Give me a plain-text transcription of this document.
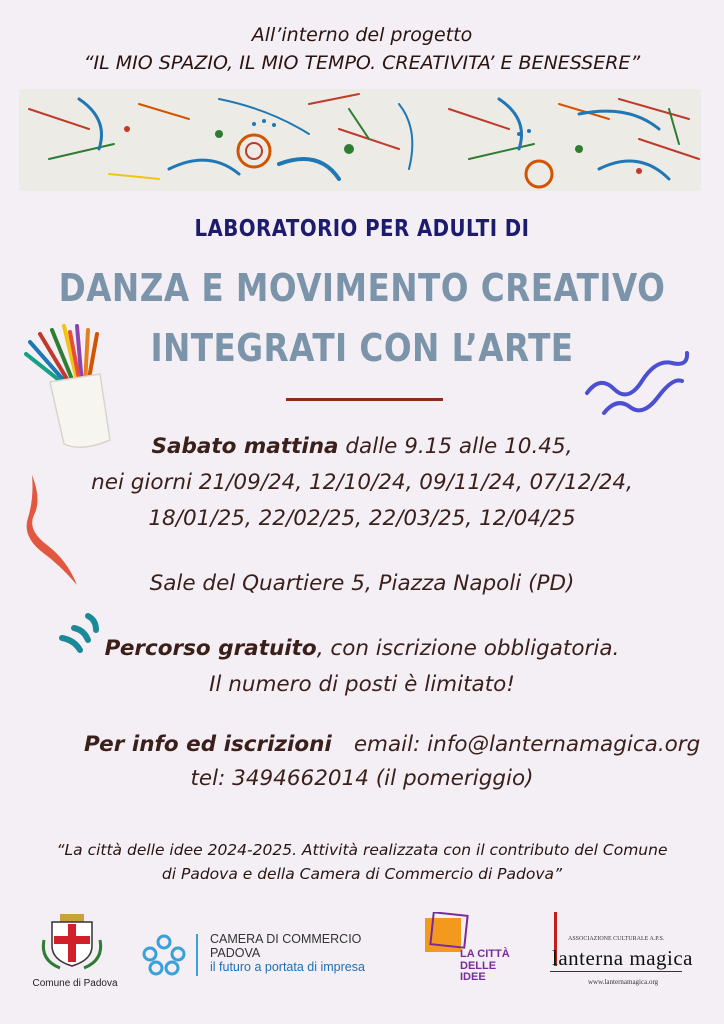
All’interno del progetto
“IL MIO SPAZIO, IL MIO TEMPO. CREATIVITA’ E BENESSERE”
LABORATORIO PER ADULTI DI
DANZA E MOVIMENTO CREATIVO
INTEGRATI CON L’ARTE
Sabato mattina dalle 9.15 alle 10.45,
nei giorni 21/09/24, 12/10/24, 09/11/24, 07/12/24,
18/01/25, 22/02/25, 22/03/25, 12/04/25
Sale del Quartiere 5, Piazza Napoli (PD)
Percorso gratuito, con iscrizione obbligatoria.
Il numero di posti è limitato!
Per info ed iscrizioni email: info@lanternamagica.org
tel: 3494662014 (il pomeriggio)
“La città delle idee 2024-2025. Attività realizzata con il contributo del Comune
di Padova e della Camera di Commercio di Padova”
Comune di Padova
CAMERA DI COMMERCIO
PADOVA
il futuro a portata di impresa
LA CITTÀ
DELLE
IDEE
ASSOCIAZIONE CULTURALE A.P.S.
lanterna magica
www.lanternamagica.org
